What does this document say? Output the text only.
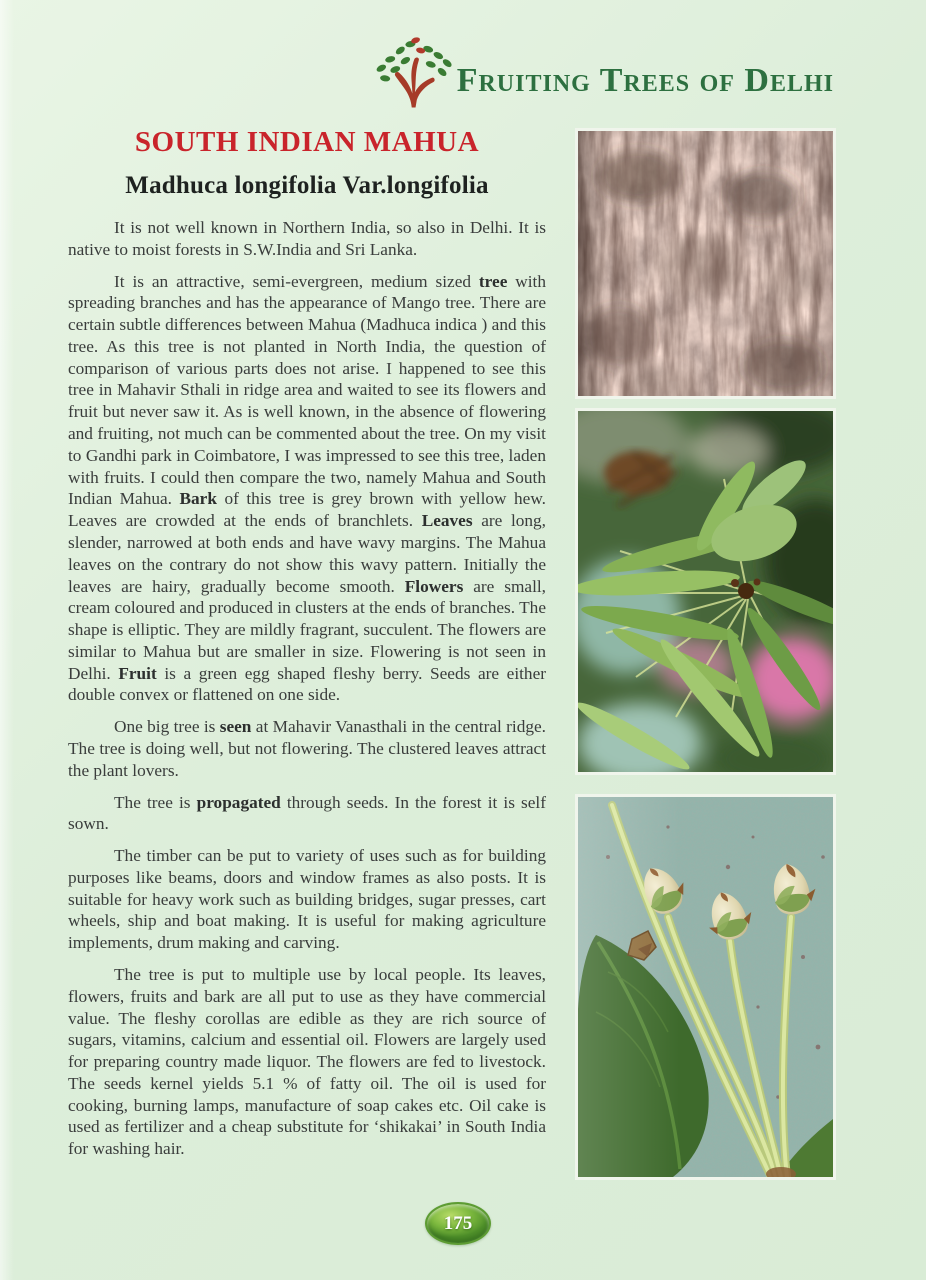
Fruiting Trees of Delhi
SOUTH INDIAN MAHUA
Madhuca longifolia Var.longifolia

It is not well known in Northern India, so also in Delhi. It is native to moist forests in S.W.India and Sri Lanka.

It is an attractive, semi-evergreen, medium sized tree with spreading branches and has the appearance of Mango tree. There are certain subtle differences between Mahua (Madhuca indica ) and this tree. As this tree is not planted in North India, the question of comparison of various parts does not arise. I happened to see this tree in Mahavir Sthali in ridge area and waited to see its flowers and fruit but never saw it. As is well known, in the absence of flowering and fruiting, not much can be commented about the tree. On my visit to Gandhi park in Coimbatore, I was impressed to see this tree, laden with fruits. I could then compare the two, namely Mahua and South Indian Mahua. Bark of this tree is grey brown with yellow hew. Leaves are crowded at the ends of branchlets. Leaves are long, slender, narrowed at both ends and have wavy margins. The Mahua leaves on the contrary do not show this wavy pattern. Initially the leaves are hairy, gradually become smooth. Flowers are small, cream coloured and produced in clusters at the ends of branches. The shape is elliptic. They are mildly fragrant, succulent. The flowers are similar to Mahua but are smaller in size. Flowering is not seen in Delhi. Fruit is a green egg shaped fleshy berry. Seeds are either double convex or flattened on one side.

One big tree is seen at Mahavir Vanasthali in the central ridge. The tree is doing well, but not flowering. The clustered leaves attract the plant lovers.

The tree is propagated through seeds. In the forest it is self sown.

The timber can be put to variety of uses such as for building purposes like beams, doors and window frames as also posts. It is suitable for heavy work such as building bridges, sugar presses, cart wheels, ship and boat making. It is useful for making agriculture implements, drum making and carving.

The tree is put to multiple use by local people. Its leaves, flowers, fruits and bark are all put to use as they have commercial value. The fleshy corollas are edible as they are rich source of sugars, vitamins, calcium and essential oil. Flowers are largely used for preparing country made liquor. The flowers are fed to livestock. The seeds kernel yields 5.1 % of fatty oil. The oil is used for cooking, burning lamps, manufacture of soap cakes etc. Oil cake is used as fertilizer and a cheap substitute for ‘shikakai’ in South India for washing hair.

175
